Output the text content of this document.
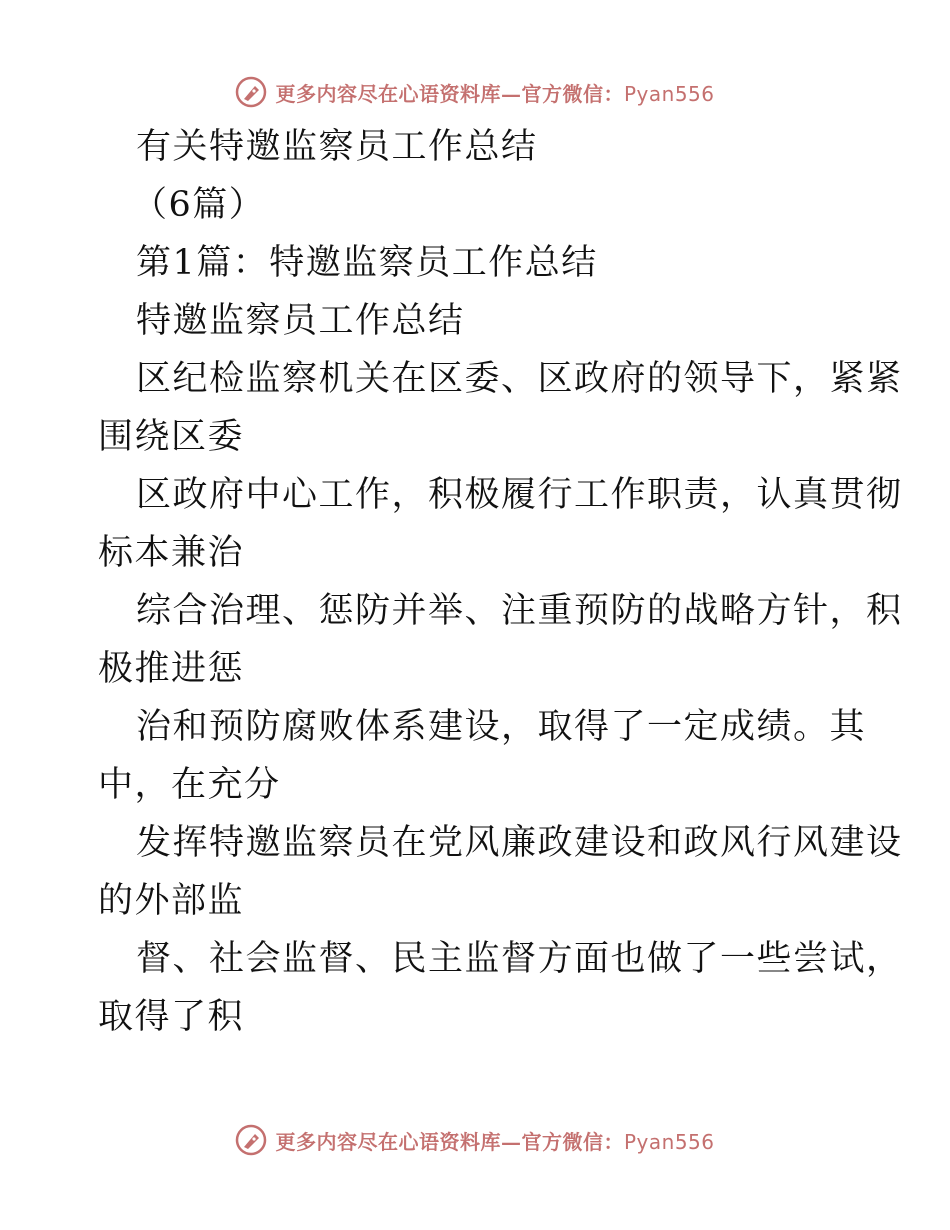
更多内容尽在心语资料库—官方微信：Pyan556
有关特邀监察员工作总结
（6篇）
第1篇：特邀监察员工作总结
特邀监察员工作总结
区纪检监察机关在区委、区政府的领导下，紧紧
围绕区委
区政府中心工作，积极履行工作职责，认真贯彻
标本兼治
综合治理、惩防并举、注重预防的战略方针，积
极推进惩
治和预防腐败体系建设，取得了一定成绩。其
中，在充分
发挥特邀监察员在党风廉政建设和政风行风建设
的外部监
督、社会监督、民主监督方面也做了一些尝试，
取得了积
更多内容尽在心语资料库—官方微信：Pyan556
